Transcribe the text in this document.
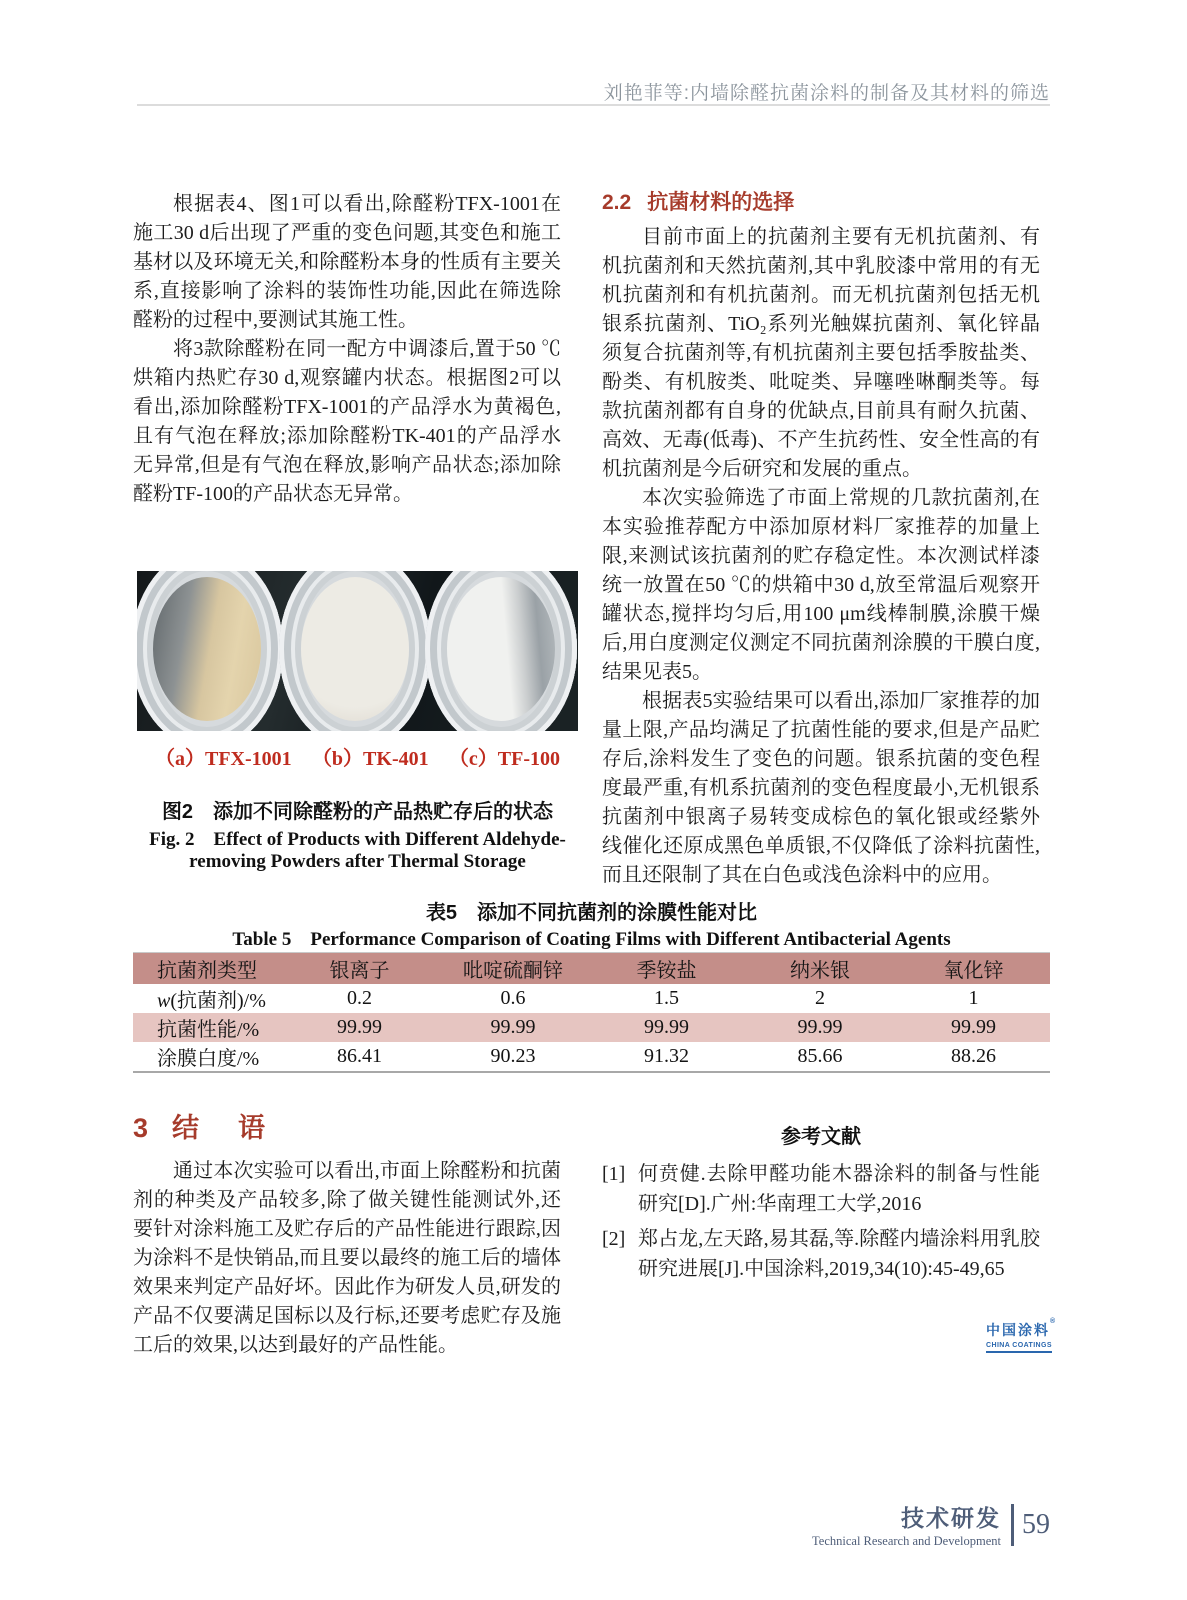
刘艳菲等:内墙除醛抗菌涂料的制备及其材料的筛选

根据表4、图1可以看出,除醛粉TFX-1001在施工30 d后出现了严重的变色问题,其变色和施工基材以及环境无关,和除醛粉本身的性质有主要关系,直接影响了涂料的装饰性功能,因此在筛选除醛粉的过程中,要测试其施工性。

将3款除醛粉在同一配方中调漆后,置于50 ℃烘箱内热贮存30 d,观察罐内状态。根据图2可以看出,添加除醛粉TFX-1001的产品浮水为黄褐色,且有气泡在释放;添加除醛粉TK-401的产品浮水无异常,但是有气泡在释放,影响产品状态;添加除醛粉TF-100的产品状态无异常。

（a）TFX-1001 （b）TK-401 （c）TF-100
图2　添加不同除醛粉的产品热贮存后的状态
Fig. 2　Effect of Products with Different Aldehyde-
removing Powders after Thermal Storage
表5　添加不同抗菌剂的涂膜性能对比
Table 5　Performance Comparison of Coating Films with Different Antibacterial Agents
抗菌剂类型	银离子	吡啶硫酮锌	季铵盐	纳米银	氧化锌
w(抗菌剂)/%	0.2	0.6	1.5	2	1
抗菌性能/%	99.99	99.99	99.99	99.99	99.99
涂膜白度/%	86.41	90.23	91.32	85.66	88.26
2.2 抗菌材料的选择

目前市面上的抗菌剂主要有无机抗菌剂、有机抗菌剂和天然抗菌剂,其中乳胶漆中常用的有无机抗菌剂和有机抗菌剂。而无机抗菌剂包括无机银系抗菌剂、TiO₂系列光触媒抗菌剂、氧化锌晶须复合抗菌剂等,有机抗菌剂主要包括季胺盐类、酚类、有机胺类、吡啶类、异噻唑啉酮类等。每款抗菌剂都有自身的优缺点,目前具有耐久抗菌、高效、无毒(低毒)、不产生抗药性、安全性高的有机抗菌剂是今后研究和发展的重点。

本次实验筛选了市面上常规的几款抗菌剂,在本实验推荐配方中添加原材料厂家推荐的加量上限,来测试该抗菌剂的贮存稳定性。本次测试样漆统一放置在50 ℃的烘箱中30 d,放至常温后观察开罐状态,搅拌均匀后,用100 μm线棒制膜,涂膜干燥后,用白度测定仪测定不同抗菌剂涂膜的干膜白度,结果见表5。

根据表5实验结果可以看出,添加厂家推荐的加量上限,产品均满足了抗菌性能的要求,但是产品贮存后,涂料发生了变色的问题。银系抗菌的变色程度最严重,有机系抗菌剂的变色程度最小,无机银系抗菌剂中银离子易转变成棕色的氧化银或经紫外线催化还原成黑色单质银,不仅降低了涂料抗菌性,而且还限制了其在白色或浅色涂料中的应用。

3 结　语

通过本次实验可以看出,市面上除醛粉和抗菌剂的种类及产品较多,除了做关键性能测试外,还要针对涂料施工及贮存后的产品性能进行跟踪,因为涂料不是快销品,而且要以最终的施工后的墙体效果来判定产品好坏。因此作为研发人员,研发的产品不仅要满足国标以及行标,还要考虑贮存及施工后的效果,以达到最好的产品性能。

参考文献
[1] 何贲健.去除甲醛功能木器涂料的制备与性能研究[D].广州:华南理工大学,2016
[2] 郑占龙,左天路,易其磊,等.除醛内墙涂料用乳胶研究进展[J].中国涂料,2019,34(10):45-49,65
中国涂料®
CHINA COATINGS
技术研发
Technical Research and Development
59
